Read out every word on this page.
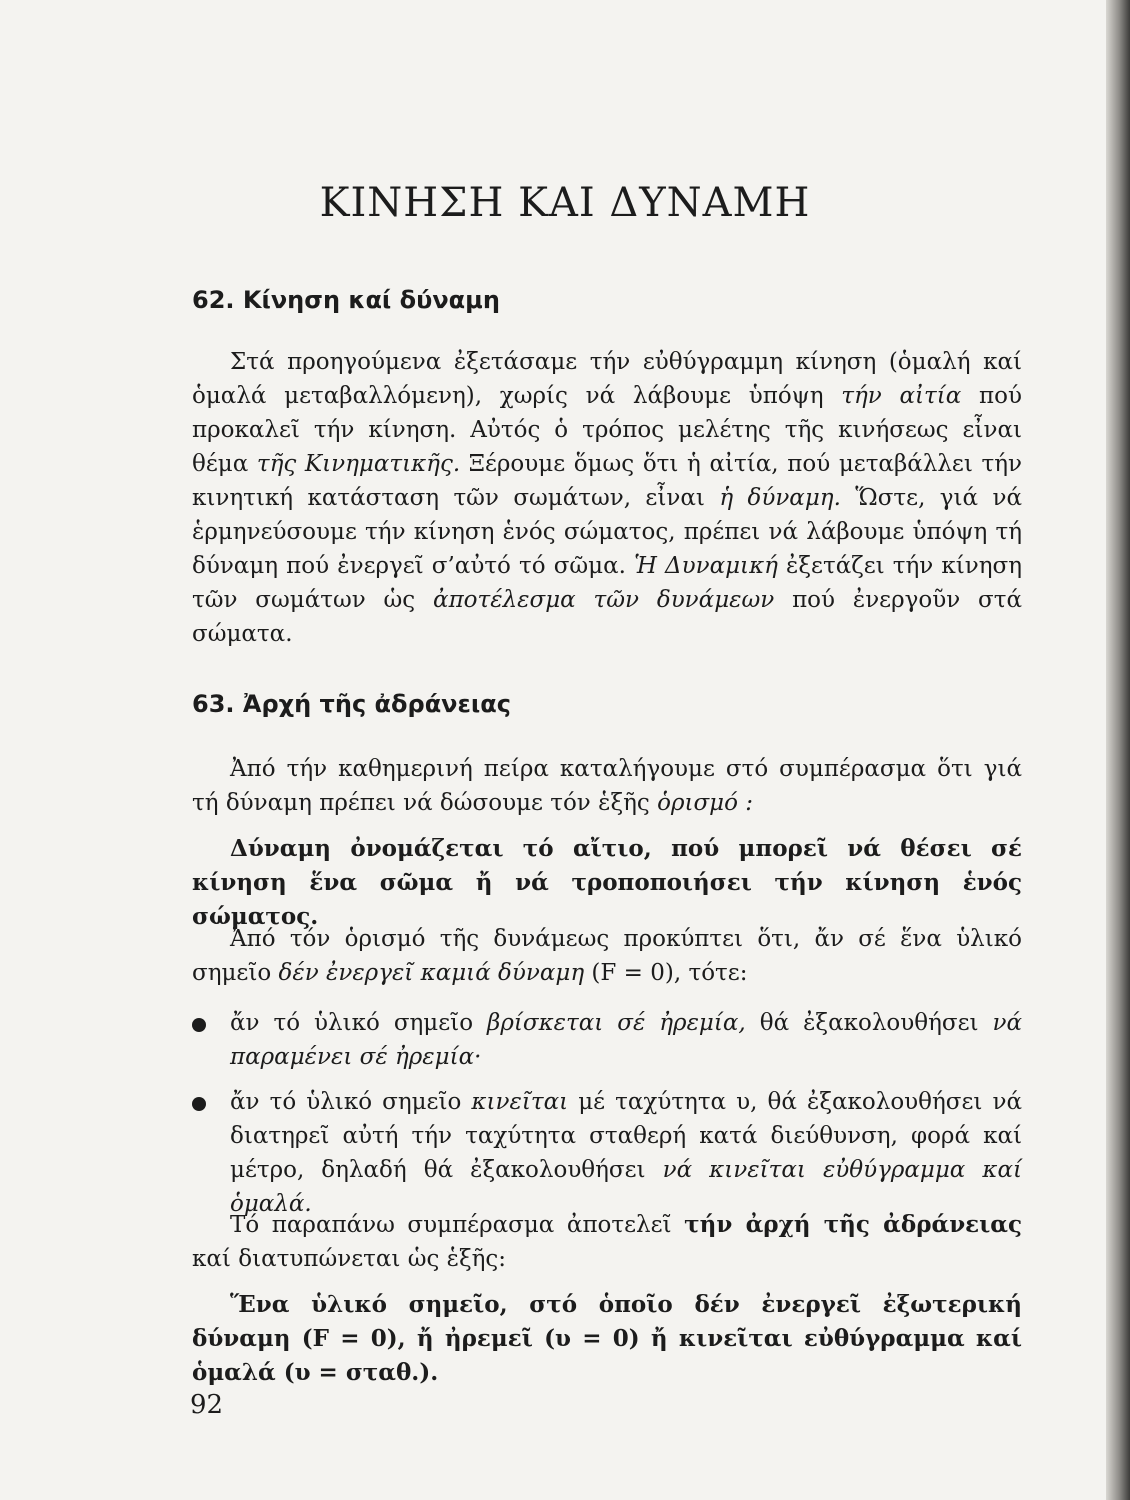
ΚΙΝΗΣΗ ΚΑΙ ΔΥΝΑΜΗ
62. Κίνηση καί δύναμη
Στά προηγούμενα ἐξετάσαμε τήν εὐθύγραμμη κίνηση (ὁμαλή καί ὁμαλά μεταβαλλόμενη), χωρίς νά λάβουμε ὑπόψη τήν αἰτία πού προκαλεῖ τήν κίνηση. Αὐτός ὁ τρόπος μελέτης τῆς κινήσεως εἶναι θέμα τῆς Κινηματικῆς. Ξέρουμε ὅμως ὅτι ἡ αἰτία, πού μεταβάλλει τήν κινητική κατάσταση τῶν σωμάτων, εἶναι ἡ δύναμη. Ὥστε, γιά νά ἑρμηνεύσουμε τήν κίνηση ἑνός σώματος, πρέπει νά λάβουμε ὑπόψη τή δύναμη πού ἐνεργεῖ σ’αὐτό τό σῶμα. Ἡ Δυναμική ἐξετάζει τήν κίνηση τῶν σωμάτων ὡς ἀποτέλεσμα τῶν δυνάμεων πού ἐνεργοῦν στά σώματα.
63. Ἀρχή τῆς ἀδράνειας
Ἀπό τήν καθημερινή πείρα καταλήγουμε στό συμπέρασμα ὅτι γιά τή δύναμη πρέπει νά δώσουμε τόν ἑξῆς ὁρισμό :
Δύναμη ὀνομάζεται τό αἴτιο, πού μπορεῖ νά θέσει σέ κίνηση ἕνα σῶμα ἤ νά τροποποιήσει τήν κίνηση ἑνός σώματος.
Ἀπό τόν ὁρισμό τῆς δυνάμεως προκύπτει ὅτι, ἄν σέ ἕνα ὑλικό σημεῖο δέν ἐνεργεῖ καμιά δύναμη (F = 0), τότε:
ἄν τό ὑλικό σημεῖο βρίσκεται σέ ἠρεμία, θά ἐξακολουθήσει νά παραμένει σέ ἠρεμία·
ἄν τό ὑλικό σημεῖο κινεῖται μέ ταχύτητα υ, θά ἐξακολουθήσει νά διατηρεῖ αὐτή τήν ταχύτητα σταθερή κατά διεύθυνση, φορά καί μέτρο, δηλαδή θά ἐξακολουθήσει νά κινεῖται εὐθύγραμμα καί ὁμαλά.
Τό παραπάνω συμπέρασμα ἀποτελεῖ τήν ἀρχή τῆς ἀδράνειας καί διατυπώνεται ὡς ἑξῆς:
Ἕνα ὑλικό σημεῖο, στό ὁποῖο δέν ἐνεργεῖ ἐξωτερική δύναμη (F = 0), ἤ ἠρεμεῖ (υ = 0) ἤ κινεῖται εὐθύγραμμα καί ὁμαλά (υ = σταθ.).
92
